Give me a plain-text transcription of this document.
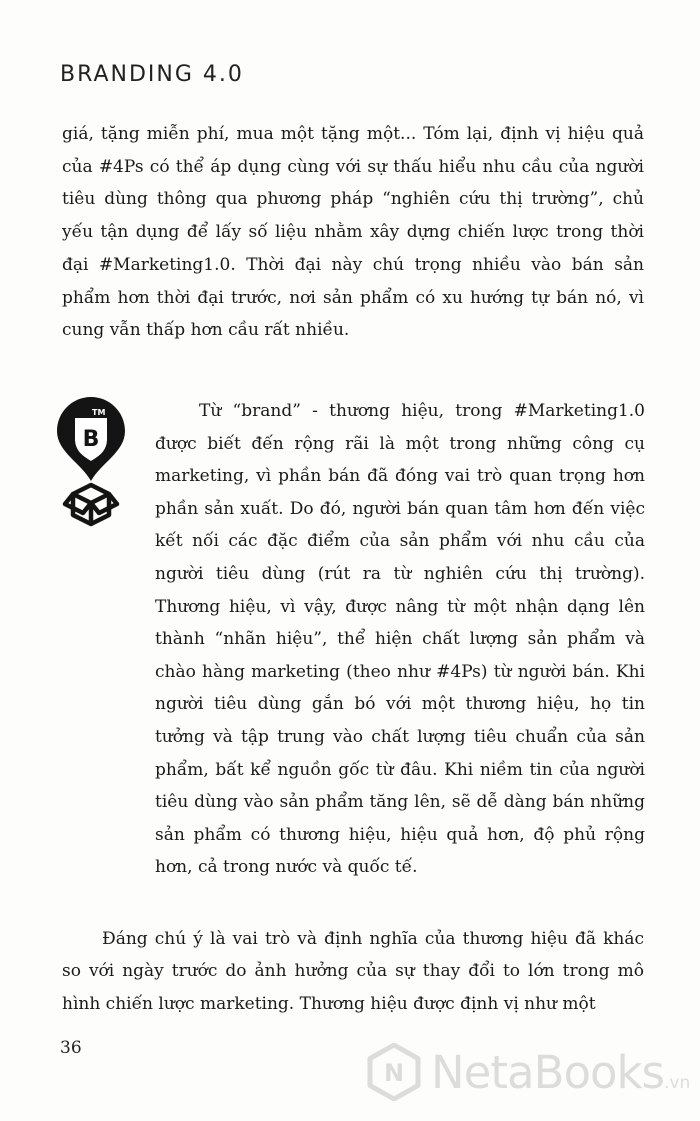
BRANDING 4.0

giá, tặng miễn phí, mua một tặng một... Tóm lại, định vị hiệu quả của #4Ps có thể áp dụng cùng với sự thấu hiểu nhu cầu của người tiêu dùng thông qua phương pháp “nghiên cứu thị trường”, chủ yếu tận dụng để lấy số liệu nhằm xây dựng chiến lược trong thời đại #Marketing1.0. Thời đại này chú trọng nhiều vào bán sản phẩm hơn thời đại trước, nơi sản phẩm có xu hướng tự bán nó, vì cung vẫn thấp hơn cầu rất nhiều.

TM
B

Từ “brand” - thương hiệu, trong #Marketing1.0 được biết đến rộng rãi là một trong những công cụ marketing, vì phần bán đã đóng vai trò quan trọng hơn phần sản xuất. Do đó, người bán quan tâm hơn đến việc kết nối các đặc điểm của sản phẩm với nhu cầu của người tiêu dùng (rút ra từ nghiên cứu thị trường). Thương hiệu, vì vậy, được nâng từ một nhận dạng lên thành “nhãn hiệu”, thể hiện chất lượng sản phẩm và chào hàng marketing (theo như #4Ps) từ người bán. Khi người tiêu dùng gắn bó với một thương hiệu, họ tin tưởng và tập trung vào chất lượng tiêu chuẩn của sản phẩm, bất kể nguồn gốc từ đâu. Khi niềm tin của người tiêu dùng vào sản phẩm tăng lên, sẽ dễ dàng bán những sản phẩm có thương hiệu, hiệu quả hơn, độ phủ rộng hơn, cả trong nước và quốc tế.

Đáng chú ý là vai trò và định nghĩa của thương hiệu đã khác so với ngày trước do ảnh hưởng của sự thay đổi to lớn trong mô hình chiến lược marketing. Thương hiệu được định vị như một

36
N NetaBooks.vn
